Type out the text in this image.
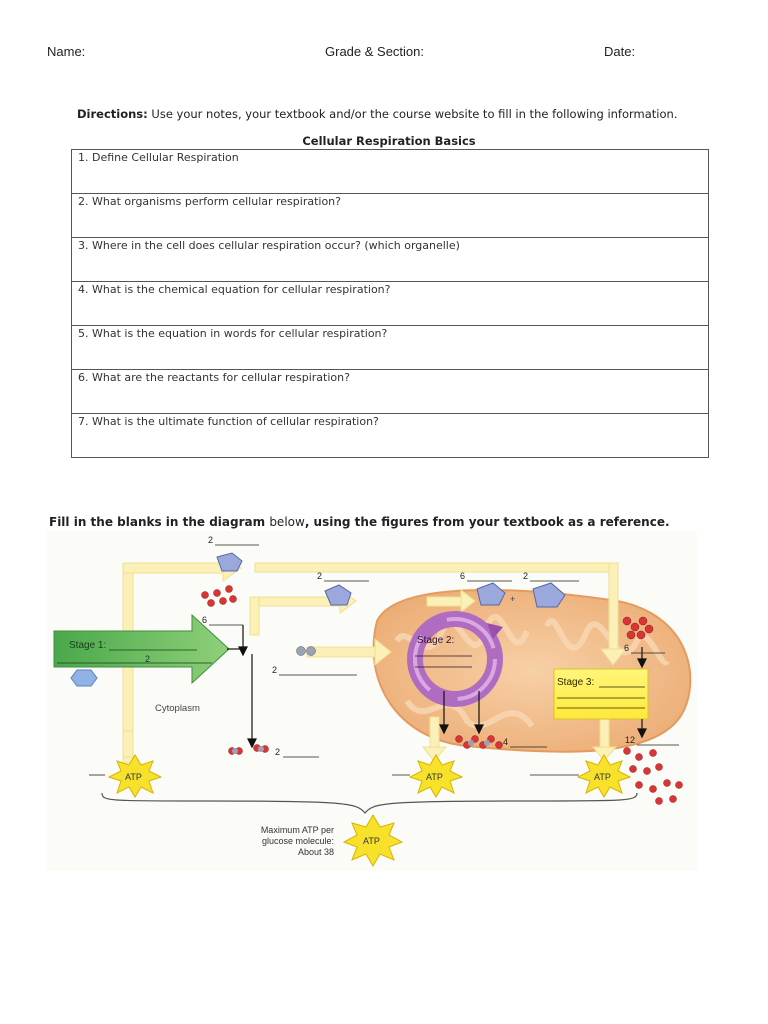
Name:	Grade & Section:	Date:
Directions: Use your notes, your textbook and/or the course website to fill in the following information.
Cellular Respiration Basics
1. Define Cellular Respiration
2. What organisms perform cellular respiration?
3. Where in the cell does cellular respiration occur? (which organelle)
4. What is the chemical equation for cellular respiration?
5. What is the equation in words for cellular respiration?
6. What are the reactants for cellular respiration?
7. What is the ultimate function of cellular respiration?
Fill in the blanks in the diagram below, using the figures from your textbook as a reference.
Stage 1:
2
Stage 2:
Stage 3:
+
2
2	6	2
6
2
6
2
4	12
Cytoplasm
ATP	ATP	ATP
Maximum ATP per
glucose molecule:
About 38
ATP
